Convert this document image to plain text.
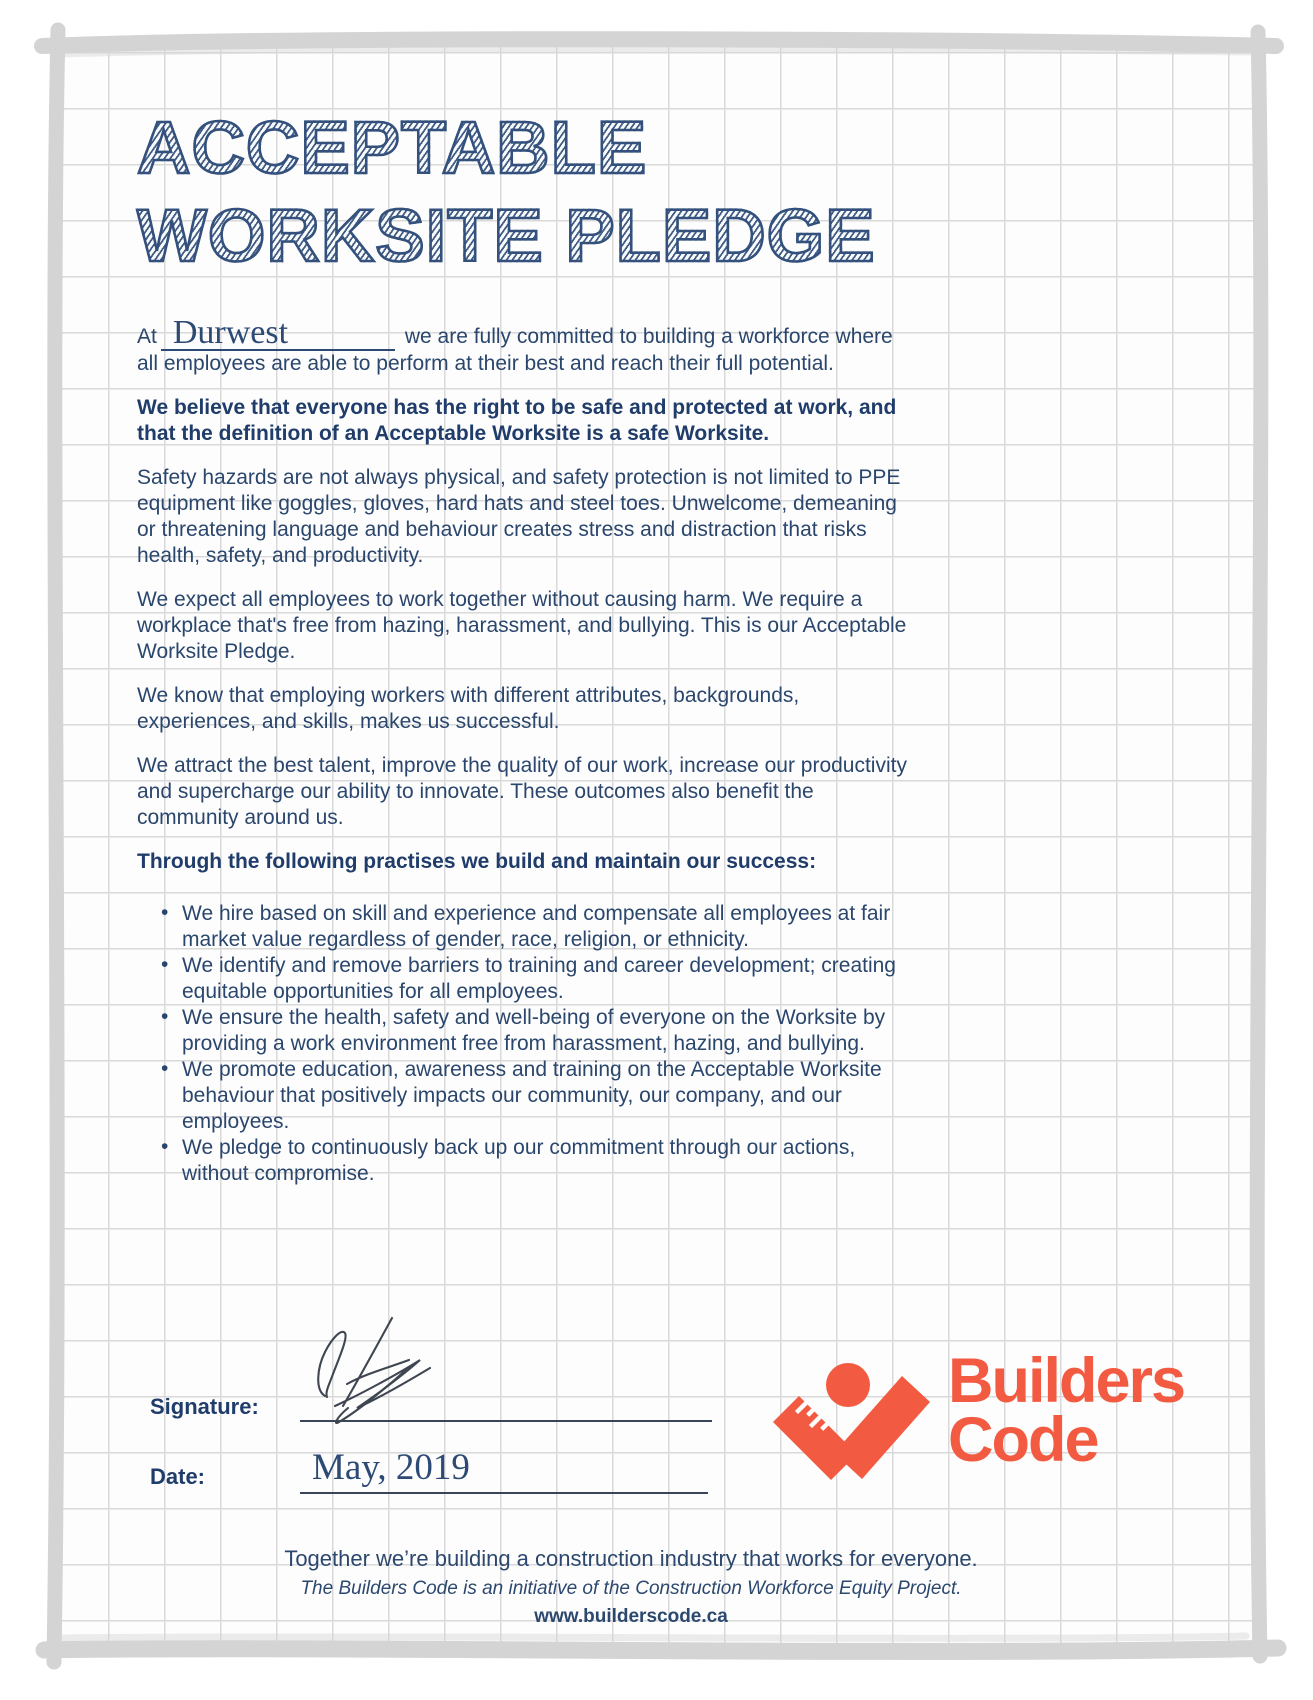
ACCEPTABLE
WORKSITE PLEDGE

At Durwest	we are fully committed to building a workforce where all employees are able to perform at their best and reach their full potential.

We believe that everyone has the right to be safe and protected at work, and that the definition of an Acceptable Worksite is a safe Worksite.

Safety hazards are not always physical, and safety protection is not limited to PPE equipment like goggles, gloves, hard hats and steel toes. Unwelcome, demeaning or threatening language and behaviour creates stress and distraction that risks health, safety, and productivity.

We expect all employees to work together without causing harm. We require a workplace that's free from hazing, harassment, and bullying. This is our Acceptable Worksite Pledge.

We know that employing workers with different attributes, backgrounds, experiences, and skills, makes us successful.

We attract the best talent, improve the quality of our work, increase our productivity and supercharge our ability to innovate. These outcomes also benefit the community around us.

Through the following practises we build and maintain our success:

• We hire based on skill and experience and compensate all employees at fair market value regardless of gender, race, religion, or ethnicity.
• We identify and remove barriers to training and career development; creating equitable opportunities for all employees.
• We ensure the health, safety and well-being of everyone on the Worksite by providing a work environment free from harassment, hazing, and bullying.
• We promote education, awareness and training on the Acceptable Worksite behaviour that positively impacts our community, our company, and our employees.
• We pledge to continuously back up our commitment through our actions, without compromise.
Signature:
Date:	May, 2019
Builders
Code
Together we’re building a construction industry that works for everyone.
The Builders Code is an initiative of the Construction Workforce Equity Project.
www.builderscode.ca
